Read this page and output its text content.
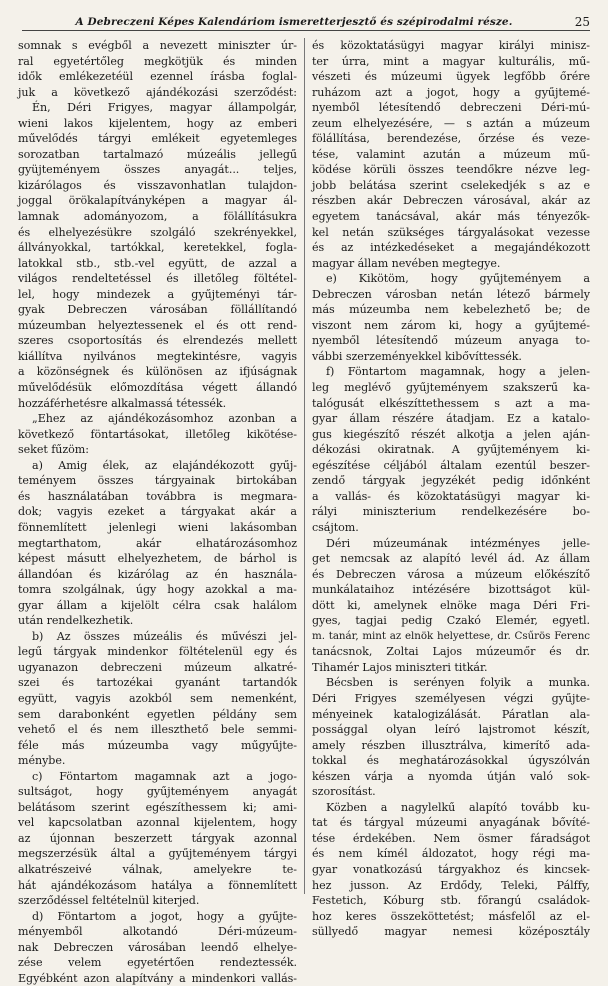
A Debreczeni Képes Kalendáriom ismeretterjesztő és szépirodalmi része.	25
somnak s evégből a nevezett miniszter úr-
ral egyetértőleg megkötjük és minden
idők emlékezetéül ezennel írásba foglal-
juk a következő ajándékozási szerződést:
Én, Déri Frigyes, magyar állampolgár,
wieni lakos kijelentem, hogy az emberi
művelődés tárgyi emlékeit egyetemleges
sorozatban tartalmazó múzeális jellegű
gyüjteményem összes anyagát... teljes,
kizárólagos és visszavonhatlan tulajdon-
joggal örökalapítványképen a magyar ál-
lamnak adományozom, a fölállításukra
és elhelyezésükre szolgáló szekrényekkel,
állványokkal, tartókkal, keretekkel, fogla-
latokkal stb., stb.-vel együtt, de azzal a
világos rendeltetéssel és illetőleg föltétel-
lel, hogy mindezek a gyűjteményi tár-
gyak Debreczen városában föllállítandó
múzeumban helyeztessenek el és ott rend-
szeres csoportosítás és elrendezés mellett
kiállítva nyilvános megtekintésre, vagyis
a közönségnek és különösen az ifjúságnak
művelődésük előmozdítása végett állandó
hozzáférhetésre alkalmassá tétessék.
„Ehez az ajándékozásomhoz azonban a
következő föntartásokat, illetőleg kikötése-
seket fűzöm:
a) Amig élek, az elajándékozott gyűj-
teményem összes tárgyainak birtokában
és használatában továbbra is megmara-
dok; vagyis ezeket a tárgyakat akár a
fönnemlített jelenlegi wieni lakásomban
megtarthatom, akár elhatározásomhoz
képest másutt elhelyezhetem, de bárhol is
állandóan és kizárólag az én használa-
tomra szolgálnak, úgy hogy azokkal a ma-
gyar állam a kijelölt célra csak halálom
után rendelkezhetik.
b) Az összes múzeális és művészi jel-
legű tárgyak mindenkor föltételenül egy és
ugyanazon debreczeni múzeum alkatré-
szei és tartozékai gyanánt tartandók
együtt, vagyis azokból sem nemenként,
sem darabonként egyetlen példány sem
vehető el és nem illeszthető bele semmi-
féle más múzeumba vagy műgyűjte-
ménybe.
c) Föntartom magamnak azt a jogo-
sultságot, hogy gyűjteményem anyagát
belátásom szerint egészíthessem ki; ami-
vel kapcsolatban azonnal kijelentem, hogy
az újonnan beszerzett tárgyak azonnal
megszerzésük által a gyűjteményem tárgyi
alkatrészeivé válnak, amelyekre te-
hát ajándékozásom hatálya a fönnemlített
szerződéssel feltételnül kiterjed.
d) Föntartom a jogot, hogy a gyűjte-
ményemből alkotandó Déri-múzeum-
nak Debreczen városában leendő elhelye-
zése velem egyetértően rendeztessék.
Egyébként azon alapítvány a mindenkori vallás-
és közoktatásügyi magyar királyi minisz-
ter úrra, mint a magyar kulturális, mű-
vészeti és múzeumi ügyek legfőbb őrére
ruházom azt a jogot, hogy a gyűjtemé-
nyemből létesítendő debreczeni Déri-mú-
zeum elhelyezésére, — s aztán a múzeum
fölállítása, berendezése, őrzése és veze-
tése, valamint azután a múzeum mű-
ködése körüli összes teendőkre nézve leg-
jobb belátása szerint cselekedjék s az e
részben akár Debreczen városával, akár az
egyetem tanácsával, akár más tényezők-
kel netán szükséges tárgyalásokat vezesse
és az intézkedéseket a megajándékozott
magyar állam nevében megtegye.
e) Kikötöm, hogy gyűjteményem a
Debreczen városban netán létező bármely
más múzeumba nem kebelezhető be; de
viszont nem zárom ki, hogy a gyűjtemé-
nyemből létesítendő múzeum anyaga to-
vábbi szerzeményekkel kibővíttessék.
f) Föntartom magamnak, hogy a jelen-
leg meglévő gyűjteményem szakszerű ka-
talógusát elkészíttethessem s azt a ma-
gyar állam részére átadjam. Ez a katalo-
gus kiegészítő részét alkotja a jelen aján-
dékozási okiratnak. A gyűjteményem ki-
egészítése céljából általam ezentúl beszer-
zendő tárgyak jegyzékét pedig időnként
a vallás- és közoktatásügyi magyar ki-
rályi miniszterium rendelkezésére bo-
csájtom.
Déri múzeumának intézményes jelle-
get nemcsak az alapító levél ád. Az állam
és Debreczen városa a múzeum előkészítő
munkálataihoz intézésére bizottságot kül-
dött ki, amelynek elnöke maga Déri Fri-
gyes, tagjai pedig Czakó Elemér, egyetl.
m. tanár, mint az elnök helyettese, dr. Csűrös Ferenc
tanácsnok, Zoltai Lajos múzeumőr és dr.
Tihamér Lajos miniszteri titkár.
Bécsben is serényen folyik a munka.
Déri Frigyes személyesen végzi gyűjte-
ményeinek katalogizálását. Páratlan ala-
possággal olyan leíró lajstromot készít,
amely részben illusztrálva, kimerítő ada-
tokkal és meghatározásokkal úgyszólván
készen várja a nyomda útján való sok-
szorosítást.
Közben a nagylelkű alapító tovább ku-
tat és tárgyal múzeumi anyagának bővíté-
tése érdekében. Nem ösmer fáradságot
és nem kímél áldozatot, hogy régi ma-
gyar vonatkozású tárgyakhoz és kincsek-
hez jusson. Az Erdődy, Teleki, Pálffy,
Festetich, Kóburg stb. főrangú családok-
hoz keres összeköttetést; másfelől az el-
süllyedő magyar nemesi középosztály
